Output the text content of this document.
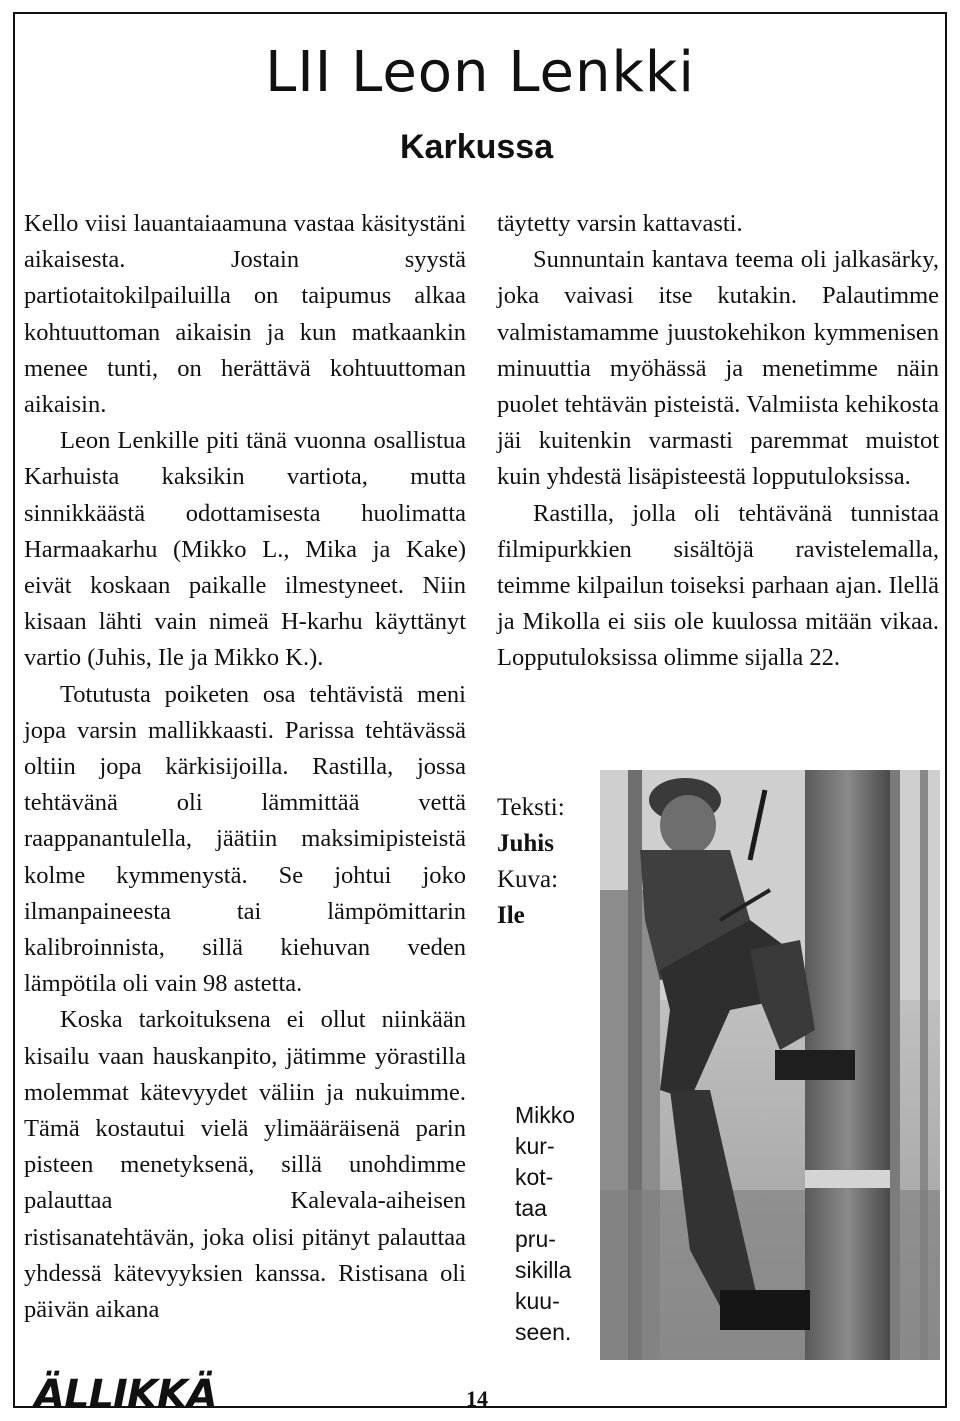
LII Leon Lenkki
Karkussa

Kello viisi lauantaiaamuna vastaa käsitystäni aikaisesta. Jostain syystä partiotaitokilpailuilla on taipumus alkaa kohtuuttoman aikaisin ja kun matkaankin menee tunti, on herättävä kohtuuttoman aikaisin.

Leon Lenkille piti tänä vuonna osallistua Karhuista kaksikin vartiota, mutta sinnikkäästä odottamisesta huolimatta Harmaakarhu (Mikko L., Mika ja Kake) eivät koskaan paikalle ilmestyneet. Niin kisaan lähti vain nimeä H-karhu käyttänyt vartio (Juhis, Ile ja Mikko K.).

Totutusta poiketen osa tehtävistä meni jopa varsin mallikkaasti. Parissa tehtävässä oltiin jopa kärkisijoilla. Rastilla, jossa tehtävänä oli lämmittää vettä raappanantulella, jäätiin maksimipisteistä kolme kymmenystä. Se johtui joko ilmanpaineesta tai lämpömittarin kalibroinnista, sillä kiehuvan veden lämpötila oli vain 98 astetta.

Koska tarkoituksena ei ollut niinkään kisailu vaan hauskanpito, jätimme yörastilla molemmat kätevyydet väliin ja nukuimme. Tämä kostautui vielä ylimääräisenä parin pisteen menetyksenä, sillä unohdimme palauttaa Kalevala-aiheisen ristisanatehtävän, joka olisi pitänyt palauttaa yhdessä kätevyyksien kanssa. Ristisana oli päivän aikana

täytetty varsin kattavasti.

Sunnuntain kantava teema oli jalkasärky, joka vaivasi itse kutakin. Palautimme valmistamamme juustokehikon kymmenisen minuuttia myöhässä ja menetimme näin puolet tehtävän pisteistä. Valmiista kehikosta jäi kuitenkin varmasti paremmat muistot kuin yhdestä lisäpisteestä lopputuloksissa.

Rastilla, jolla oli tehtävänä tunnistaa filmipurkkien sisältöjä ravistelemalla, teimme kilpailun toiseksi parhaan ajan. Ilellä ja Mikolla ei siis ole kuulossa mitään vikaa. Lopputuloksissa olimme sijalla 22.

Teksti:
Juhis
Kuva:
Ile
Mikko
kur-
kot-
taa
pru-
sikilla
kuu-
seen.
ÄLLIKKÄ	14
